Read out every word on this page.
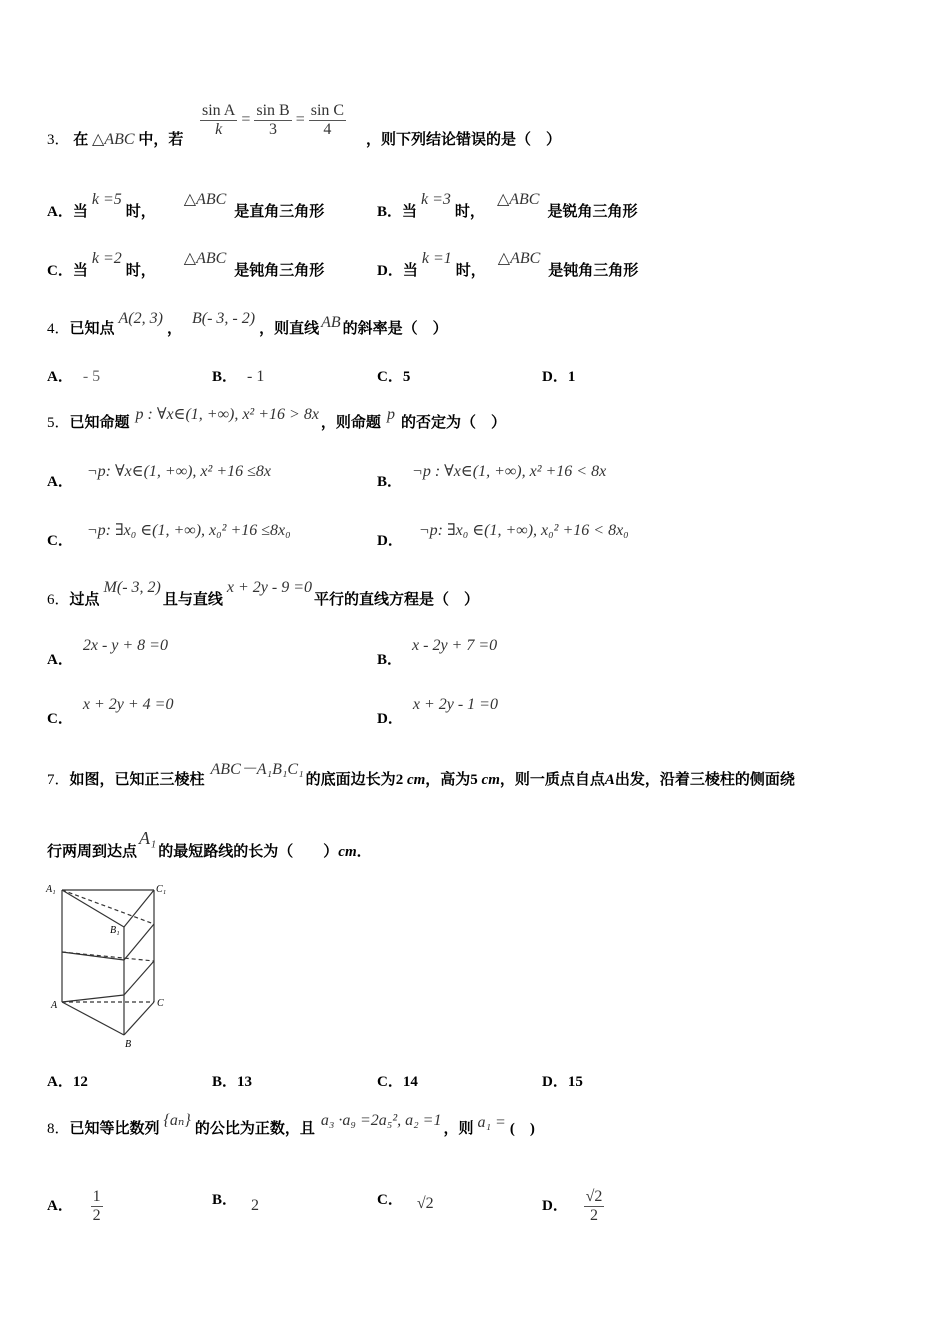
3． 在 △ABC 中，若
$\frac{\text{sin A}}{k} = \frac{\text{sin B}}{3} = \frac{\text{sin C}}{4}$
，则下列结论错误的是（　）
A．当k =5时，△ABC是直角三角形	B．当k =3时，△ABC是锐角三角形
C．当k =2时，△ABC是钝角三角形	D．当k =1时，△ABC是钝角三角形
4．已知点A(2, 3)，B(- 3, - 2)，则直线 AB 的斜率是（　）
A． - 5	B． - 1	C．5	D．1
5．已知命题 p : ∀x∈(1, +∞), x² +16 > 8x ，则命题 p 的否定为（　）
A．¬p: ∀x∈(1, +∞), x² +16 ≤8x
B．¬p : ∀x∈(1, +∞), x² +16 < 8x
C．¬p: ∃x₀ ∈(1, +∞), x₀² +16 ≤8x₀
D．¬p: ∃x₀ ∈(1, +∞), x₀² +16 < 8x₀
6．过点M(- 3, 2)且与直线x + 2y - 9 =0平行的直线方程是（　）
A．2x - y + 8 =0
B．x - 2y + 7 =0
C．x + 2y + 4 =0
D．x + 2y - 1 =0
7．如图，已知正三棱柱ABC－A₁B₁C₁的底面边长为2 cm，高为5 cm，则一质点自点A出发，沿着三棱柱的侧面绕
行两周到达点A₁的最短路线的长为（　　）cm．
A₁	C₁
B₁
A	C
B
A．12	B．13	C．14	D．15
8．已知等比数列 {aₙ} 的公比为正数，且 a₃ ·a₉ =2a₅², a₂ =1 ，则 a₁ = (　)
A． $\frac{1}{2}$	B． 2	C． √2	D． $\frac{√2}{2}$
